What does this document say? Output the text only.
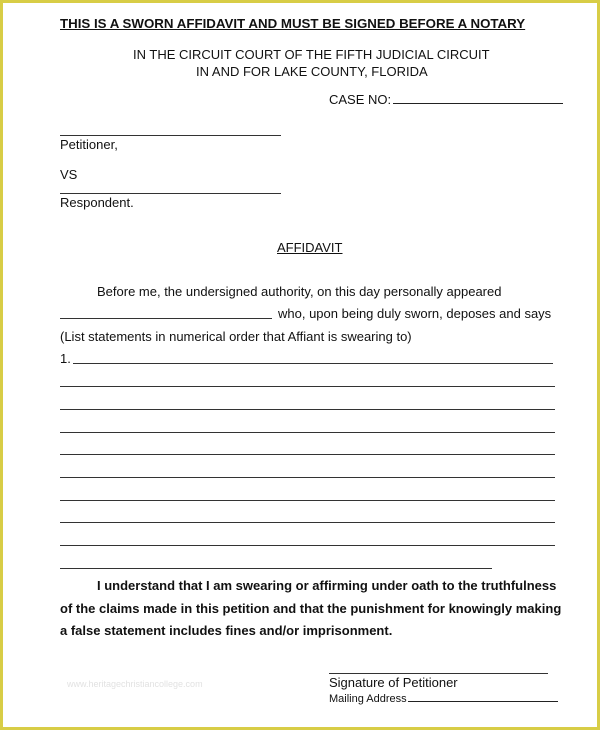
THIS IS A SWORN AFFIDAVIT AND MUST BE SIGNED BEFORE A NOTARY
IN THE CIRCUIT COURT OF THE FIFTH JUDICIAL CIRCUIT
IN AND FOR LAKE COUNTY, FLORIDA
CASE NO:
Petitioner,
VS
Respondent.
AFFIDAVIT
Before me, the undersigned authority, on this day personally appeared
who, upon being duly sworn, deposes and says
(List statements in numerical order that Affiant is swearing to)
1.
I understand that I am swearing or affirming under oath to the truthfulness
of the claims made in this petition and that the punishment for knowingly making
a false statement includes fines and/or imprisonment.
www.heritagechristiancollege.com	Signature of Petitioner
Mailing Address
